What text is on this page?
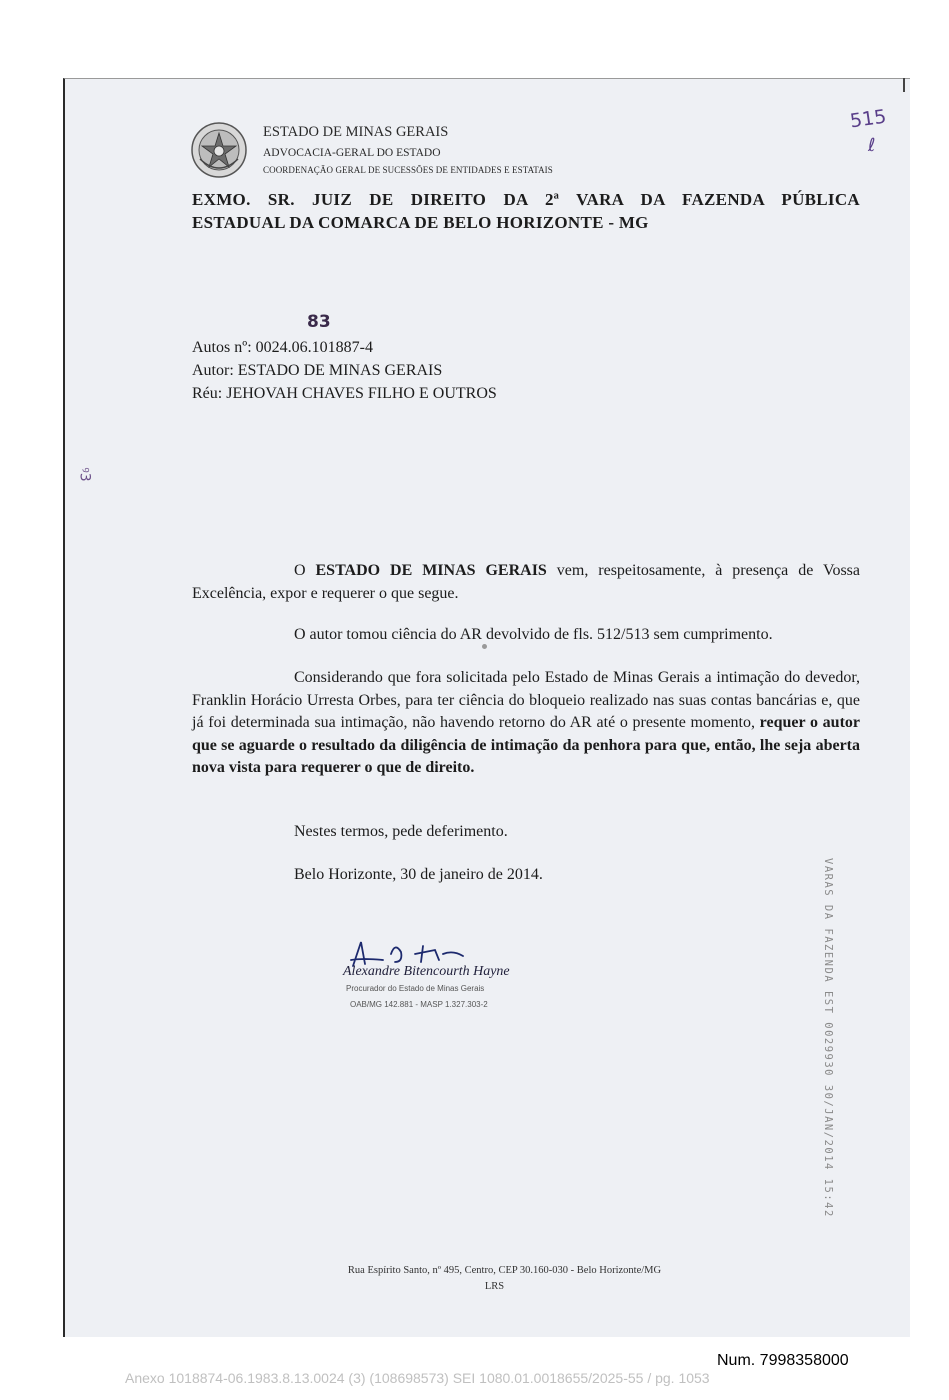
ESTADO DE MINAS GERAIS
ADVOCACIA-GERAL DO ESTADO
COORDENAÇÃO GERAL DE SUCESSÕES DE ENTIDADES E ESTATAIS
515
ℓ
EXMO. SR. JUIZ DE DIREITO DA 2ª VARA DA FAZENDA PÚBLICA
ESTADUAL DA COMARCA DE BELO HORIZONTE - MG
83
ꝰ3
Autos nº: 0024.06.101887-4
Autor: ESTADO DE MINAS GERAIS
Réu: JEHOVAH CHAVES FILHO E OUTROS
O ESTADO DE MINAS GERAIS vem, respeitosamente, à presença de Vossa Excelência, expor e requerer o que segue.
O autor tomou ciência do AR devolvido de fls. 512/513 sem cumprimento.
Considerando que fora solicitada pelo Estado de Minas Gerais a intimação do devedor, Franklin Horácio Urresta Orbes, para ter ciência do bloqueio realizado nas suas contas bancárias e, que já foi determinada sua intimação, não havendo retorno do AR até o presente momento, requer o autor que se aguarde o resultado da diligência de intimação da penhora para que, então, lhe seja aberta nova vista para requerer o que de direito.
Nestes termos, pede deferimento.
Belo Horizonte, 30 de janeiro de 2014.
Alexandre Bitencourth Hayne
Procurador do Estado de Minas Gerais
OAB/MG 142.881 - MASP 1.327.303-2	VARAS DA FAZENDA EST 0029930 30/JAN/2014 15:42
Rua Espírito Santo, nº 495, Centro, CEP 30.160-030 - Belo Horizonte/MG
LRS
Num. 7998358000
Anexo 1018874-06.1983.8.13.0024 (3) (108698573) SEI 1080.01.0018655/2025-55 / pg. 1053
